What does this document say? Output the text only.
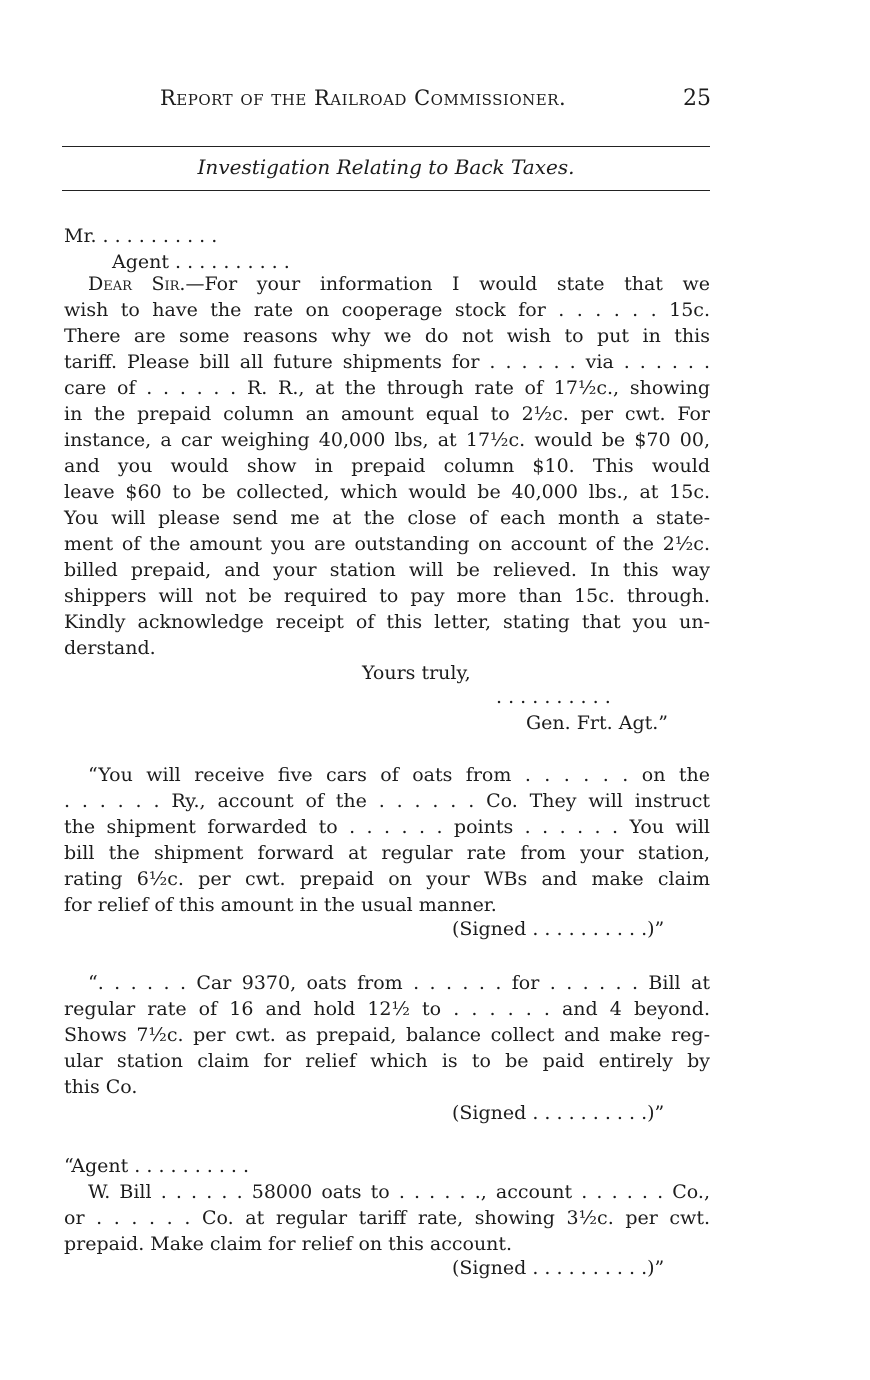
Report of the Railroad Commissioner.	25
Investigation Relating to Back Taxes.
Mr. . . . . . . . . . .
Agent . . . . . . . . . .
Dear Sir.—For your information I would state that we
wish to have the rate on cooperage stock for . . . . . . 15c.
There are some reasons why we do not wish to put in this
tariff. Please bill all future shipments for . . . . . . via . . . . . .
care of . . . . . . R. R., at the through rate of 17½c., showing
in the prepaid column an amount equal to 2½c. per cwt. For
instance, a car weighing 40,000 lbs, at 17½c. would be $70 00,
and you would show in prepaid column $10. This would
leave $60 to be collected, which would be 40,000 lbs., at 15c.
You will please send me at the close of each month a state-
ment of the amount you are outstanding on account of the 2½c.
billed prepaid, and your station will be relieved. In this way
shippers will not be required to pay more than 15c. through.
Kindly acknowledge receipt of this letter, stating that you un-
derstand.
Yours truly,
. . . . . . . . . .
Gen. Frt. Agt.”
“You will receive five cars of oats from . . . . . . on the
. . . . . . Ry., account of the . . . . . . Co. They will instruct
the shipment forwarded to . . . . . . points . . . . . . You will
bill the shipment forward at regular rate from your station,
rating 6½c. per cwt. prepaid on your WBs and make claim
for relief of this amount in the usual manner.
(Signed . . . . . . . . . .)”
“. . . . . . Car 9370, oats from . . . . . . for . . . . . . Bill at
regular rate of 16 and hold 12½ to . . . . . . and 4 beyond.
Shows 7½c. per cwt. as prepaid, balance collect and make reg-
ular station claim for relief which is to be paid entirely by
this Co.
(Signed . . . . . . . . . .)”
“Agent . . . . . . . . . .
W. Bill . . . . . . 58000 oats to . . . . . ., account . . . . . . Co.,
or . . . . . . Co. at regular tariff rate, showing 3½c. per cwt.
prepaid. Make claim for relief on this account.
(Signed . . . . . . . . . .)”
